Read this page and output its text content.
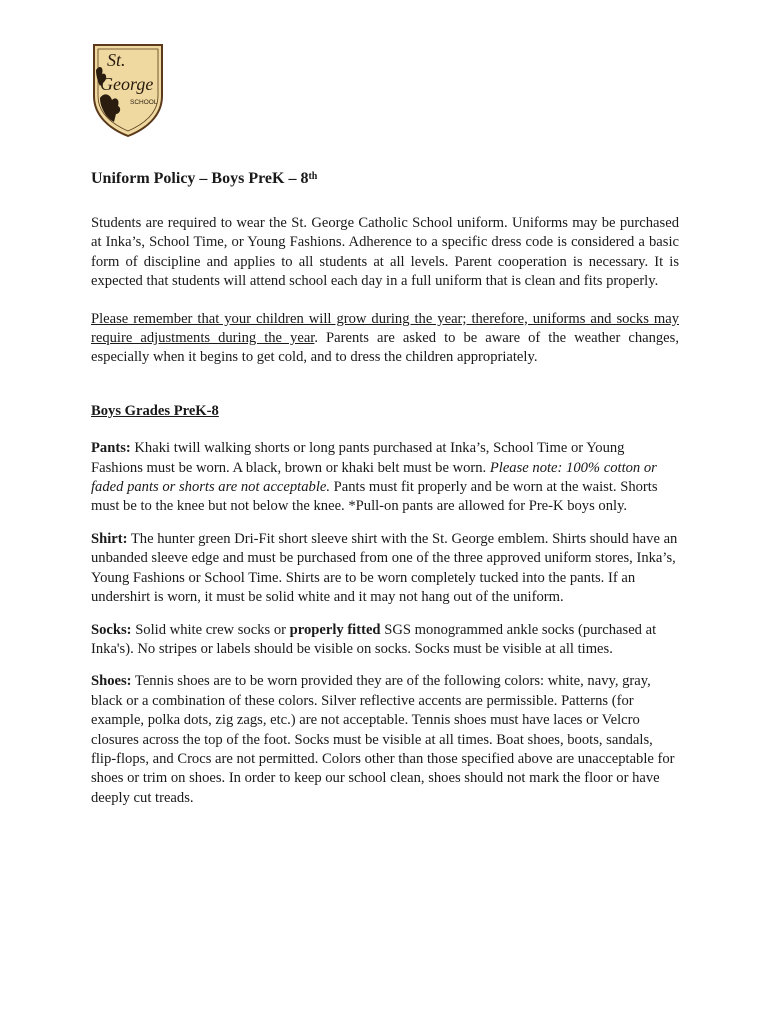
St.
George
SCHOOL
Uniform Policy – Boys PreK – 8th

Students are required to wear the St. George Catholic School uniform. Uniforms may be purchased at Inka’s, School Time, or Young Fashions. Adherence to a specific dress code is considered a basic form of discipline and applies to all students at all levels. Parent cooperation is necessary. It is expected that students will attend school each day in a full uniform that is clean and fits properly.

Please remember that your children will grow during the year; therefore, uniforms and socks may require adjustments during the year. Parents are asked to be aware of the weather changes, especially when it begins to get cold, and to dress the children appropriately.

Boys Grades PreK-8

Pants: Khaki twill walking shorts or long pants purchased at Inka’s, School Time or Young Fashions must be worn. A black, brown or khaki belt must be worn. Please note: 100% cotton or faded pants or shorts are not acceptable. Pants must fit properly and be worn at the waist. Shorts must be to the knee but not below the knee. *Pull-on pants are allowed for Pre-K boys only.

Shirt: The hunter green Dri-Fit short sleeve shirt with the St. George emblem. Shirts should have an unbanded sleeve edge and must be purchased from one of the three approved uniform stores, Inka’s, Young Fashions or School Time. Shirts are to be worn completely tucked into the pants. If an undershirt is worn, it must be solid white and it may not hang out of the uniform.

Socks: Solid white crew socks or properly fitted SGS monogrammed ankle socks (purchased at Inka's). No stripes or labels should be visible on socks. Socks must be visible at all times.

Shoes: Tennis shoes are to be worn provided they are of the following colors: white, navy, gray, black or a combination of these colors. Silver reflective accents are permissible. Patterns (for example, polka dots, zig zags, etc.) are not acceptable. Tennis shoes must have laces or Velcro closures across the top of the foot. Socks must be visible at all times. Boat shoes, boots, sandals, flip-flops, and Crocs are not permitted. Colors other than those specified above are unacceptable for shoes or trim on shoes. In order to keep our school clean, shoes should not mark the floor or have deeply cut treads.
